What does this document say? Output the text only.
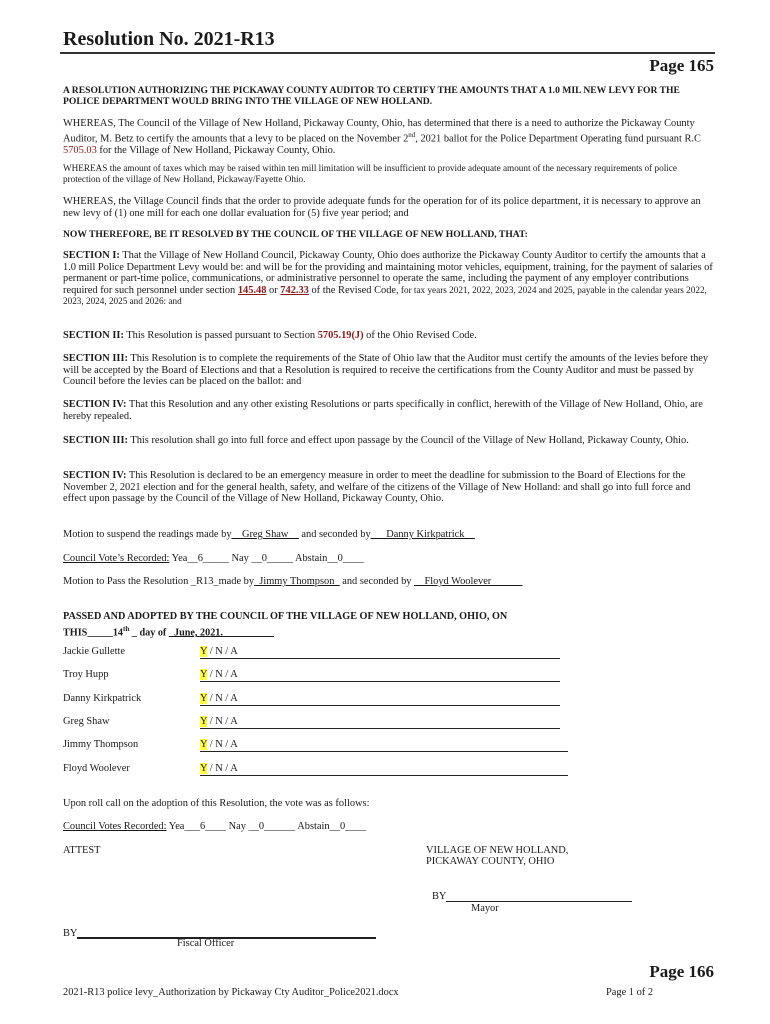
Resolution No. 2021-R13
Page 165
A RESOLUTION AUTHORIZING THE PICKAWAY COUNTY AUDITOR TO CERTIFY THE AMOUNTS THAT A 1.0 MIL NEW LEVY FOR THE POLICE DEPARTMENT WOULD BRING INTO THE VILLAGE OF NEW HOLLAND.
WHEREAS, The Council of the Village of New Holland, Pickaway County, Ohio, has determined that there is a need to authorize the Pickaway County Auditor, M. Betz to certify the amounts that a levy to be placed on the November 2nd, 2021 ballot for the Police Department Operating fund pursuant R.C 5705.03 for the Village of New Holland, Pickaway County, Ohio.
WHEREAS the amount of taxes which may be raised within ten mill limitation will be insufficient to provide adequate amount of the necessary requirements of police protection of the village of New Holland, Pickaway/Fayette Ohio.
WHEREAS, the Village Council finds that the order to provide adequate funds for the operation for of its police department, it is necessary to approve an new levy of (1) one mill for each one dollar evaluation for (5) five year period; and
NOW THEREFORE, BE IT RESOLVED BY THE COUNCIL OF THE VILLAGE OF NEW HOLLAND, THAT:
SECTION I: That the Village of New Holland Council, Pickaway County, Ohio does authorize the Pickaway County Auditor to certify the amounts that a 1.0 mill Police Department Levy would be: and will be for the providing and maintaining motor vehicles, equipment, training, for the payment of salaries of permanent or part-time police, communications, or administrative personnel to operate the same, including the payment of any employer contributions required for such personnel under section 145.48 or 742.33 of the Revised Code, for tax years 2021, 2022, 2023, 2024 and 2025, payable in the calendar years 2022, 2023, 2024, 2025 and 2026: and
SECTION II: This Resolution is passed pursuant to Section 5705.19(J) of the Ohio Revised Code.
SECTION III: This Resolution is to complete the requirements of the State of Ohio law that the Auditor must certify the amounts of the levies before they will be accepted by the Board of Elections and that a Resolution is required to receive the certifications from the County Auditor and must be passed by Council before the levies can be placed on the ballot: and
SECTION IV: That this Resolution and any other existing Resolutions or parts specifically in conflict, herewith of the Village of New Holland, Ohio, are hereby repealed.
SECTION III: This resolution shall go into full force and effect upon passage by the Council of the Village of New Holland, Pickaway County, Ohio.
SECTION IV: This Resolution is declared to be an emergency measure in order to meet the deadline for submission to the Board of Elections for the November 2, 2021 election and for the general health, safety, and welfare of the citizens of the Village of New Holland: and shall go into full force and effect upon passage by the Council of the Village of New Holland, Pickaway County, Ohio.
Motion to suspend the readings made by__Greg Shaw__ and seconded by___Danny Kirkpatrick__
Council Vote’s Recorded: Yea__6_____ Nay __0_____ Abstain__0____
Motion to Pass the Resolution _R13_made by_Jimmy Thompson_ and seconded by __Floyd Woolever______
PASSED AND ADOPTED BY THE COUNCIL OF THE VILLAGE OF NEW HOLLAND, OHIO, ON
THIS_____14th _ day of _June, 2021.__________
Jackie Gullette	Y / N / A
Troy Hupp	Y / N / A
Danny Kirkpatrick	Y / N / A
Greg Shaw	Y / N / A
Jimmy Thompson	Y / N / A
Floyd Woolever	Y / N / A
Upon roll call on the adoption of this Resolution, the vote was as follows:
Council Votes Recorded: Yea___6____ Nay __0______ Abstain__0____
ATTEST	VILLAGE OF NEW HOLLAND,
PICKAWAY COUNTY, OHIO
BY
Mayor
BY
Fiscal Officer
Page 166
2021-R13 police levy_Authorization by Pickaway Cty Auditor_Police2021.docx	Page 1 of 2
